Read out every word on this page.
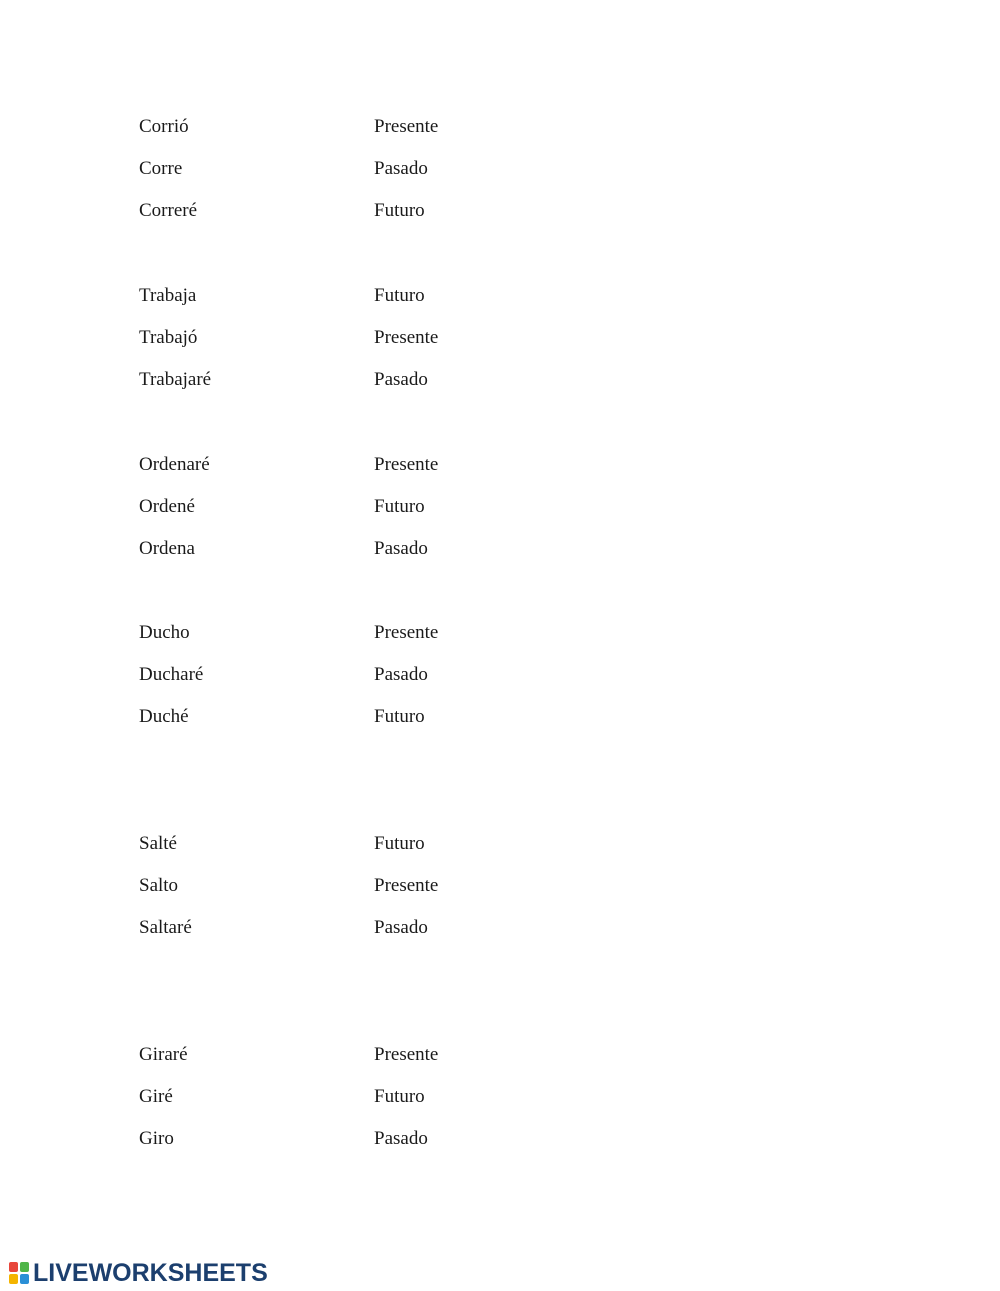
Corrió	Presente
Corre	Pasado
Correré	Futuro
Trabaja	Futuro
Trabajó	Presente
Trabajaré	Pasado
Ordenaré	Presente
Ordené	Futuro
Ordena	Pasado
Ducho	Presente
Ducharé	Pasado
Duché	Futuro
Salté	Futuro
Salto	Presente
Saltaré	Pasado
Giraré	Presente
Giré	Futuro
Giro	Pasado
LIVEWORKSHEETS
